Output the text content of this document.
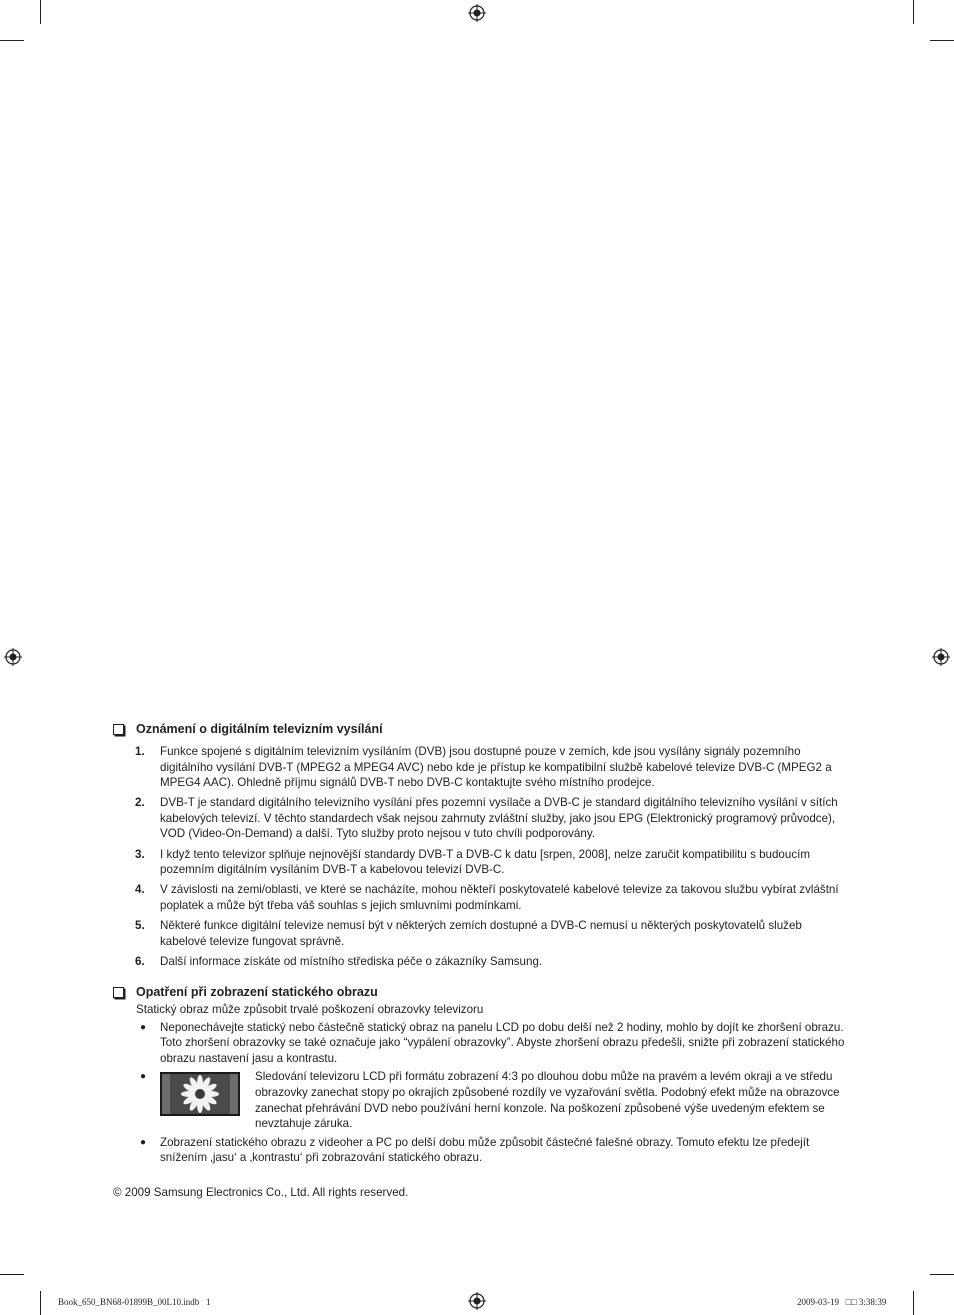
Oznámení o digitálním televizním vysílání
1.	Funkce spojené s digitálním televizním vysíláním (DVB) jsou dostupné pouze v zemích, kde jsou vysílány signály pozemního digitálního vysílání DVB-T (MPEG2 a MPEG4 AVC) nebo kde je přístup ke kompatibilní službě kabelové televize DVB-C (MPEG2 a MPEG4 AAC). Ohledně příjmu signálů DVB-T nebo DVB-C kontaktujte svého místního prodejce.
2.	DVB-T je standard digitálního televizního vysílání přes pozemní vysílače a DVB-C je standard digitálního televizního vysílání v sítích kabelových televizí. V těchto standardech však nejsou zahrnuty zvláštní služby, jako jsou EPG (Elektronický programový průvodce), VOD (Video-On-Demand) a další. Tyto služby proto nejsou v tuto chvíli podporovány.
3.	I když tento televizor splňuje nejnovější standardy DVB-T a DVB-C k datu [srpen, 2008], nelze zaručit kompatibilitu s budoucím pozemním digitálním vysíláním DVB-T a kabelovou televizí DVB-C.
4.	V závislosti na zemi/oblasti, ve které se nacházíte, mohou někteří poskytovatelé kabelové televize za takovou službu vybírat zvláštní poplatek a může být třeba váš souhlas s jejich smluvními podmínkami.
5.	Některé funkce digitální televize nemusí být v některých zemích dostupné a DVB-C nemusí u některých poskytovatelů služeb kabelové televize fungovat správně.
6.	Další informace získáte od místního střediska péče o zákazníky Samsung.
Opatření při zobrazení statického obrazu
Statický obraz může způsobit trvalé poškození obrazovky televizoru
●	Neponechávejte statický nebo částečně statický obraz na panelu LCD po dobu delší než 2 hodiny, mohlo by dojít ke zhoršení obrazu. Toto zhoršení obrazovky se také označuje jako “vypálení obrazovky”. Abyste zhoršení obrazu předešli, snižte při zobrazení statického obrazu nastavení jasu a kontrastu.
●	Sledování televizoru LCD při formátu zobrazení 4:3 po dlouhou dobu může na pravém a levém okraji a ve středu obrazovky zanechat stopy po okrajích způsobené rozdíly ve vyzařování světla. Podobný efekt může na obrazovce zanechat přehrávání DVD nebo používání herní konzole. Na poškození způsobené výše uvedeným efektem se nevztahuje záruka.
●	Zobrazení statického obrazu z videoher a PC po delší dobu může způsobit částečné falešné obrazy. Tomuto efektu lze předejít snížením ‚jasu‘ a ‚kontrastu‘ při zobrazování statického obrazu.
© 2009 Samsung Electronics Co., Ltd. All rights reserved.
Book_650_BN68-01899B_00L10.indb   1	2009-03-19   □□ 3:38:39
